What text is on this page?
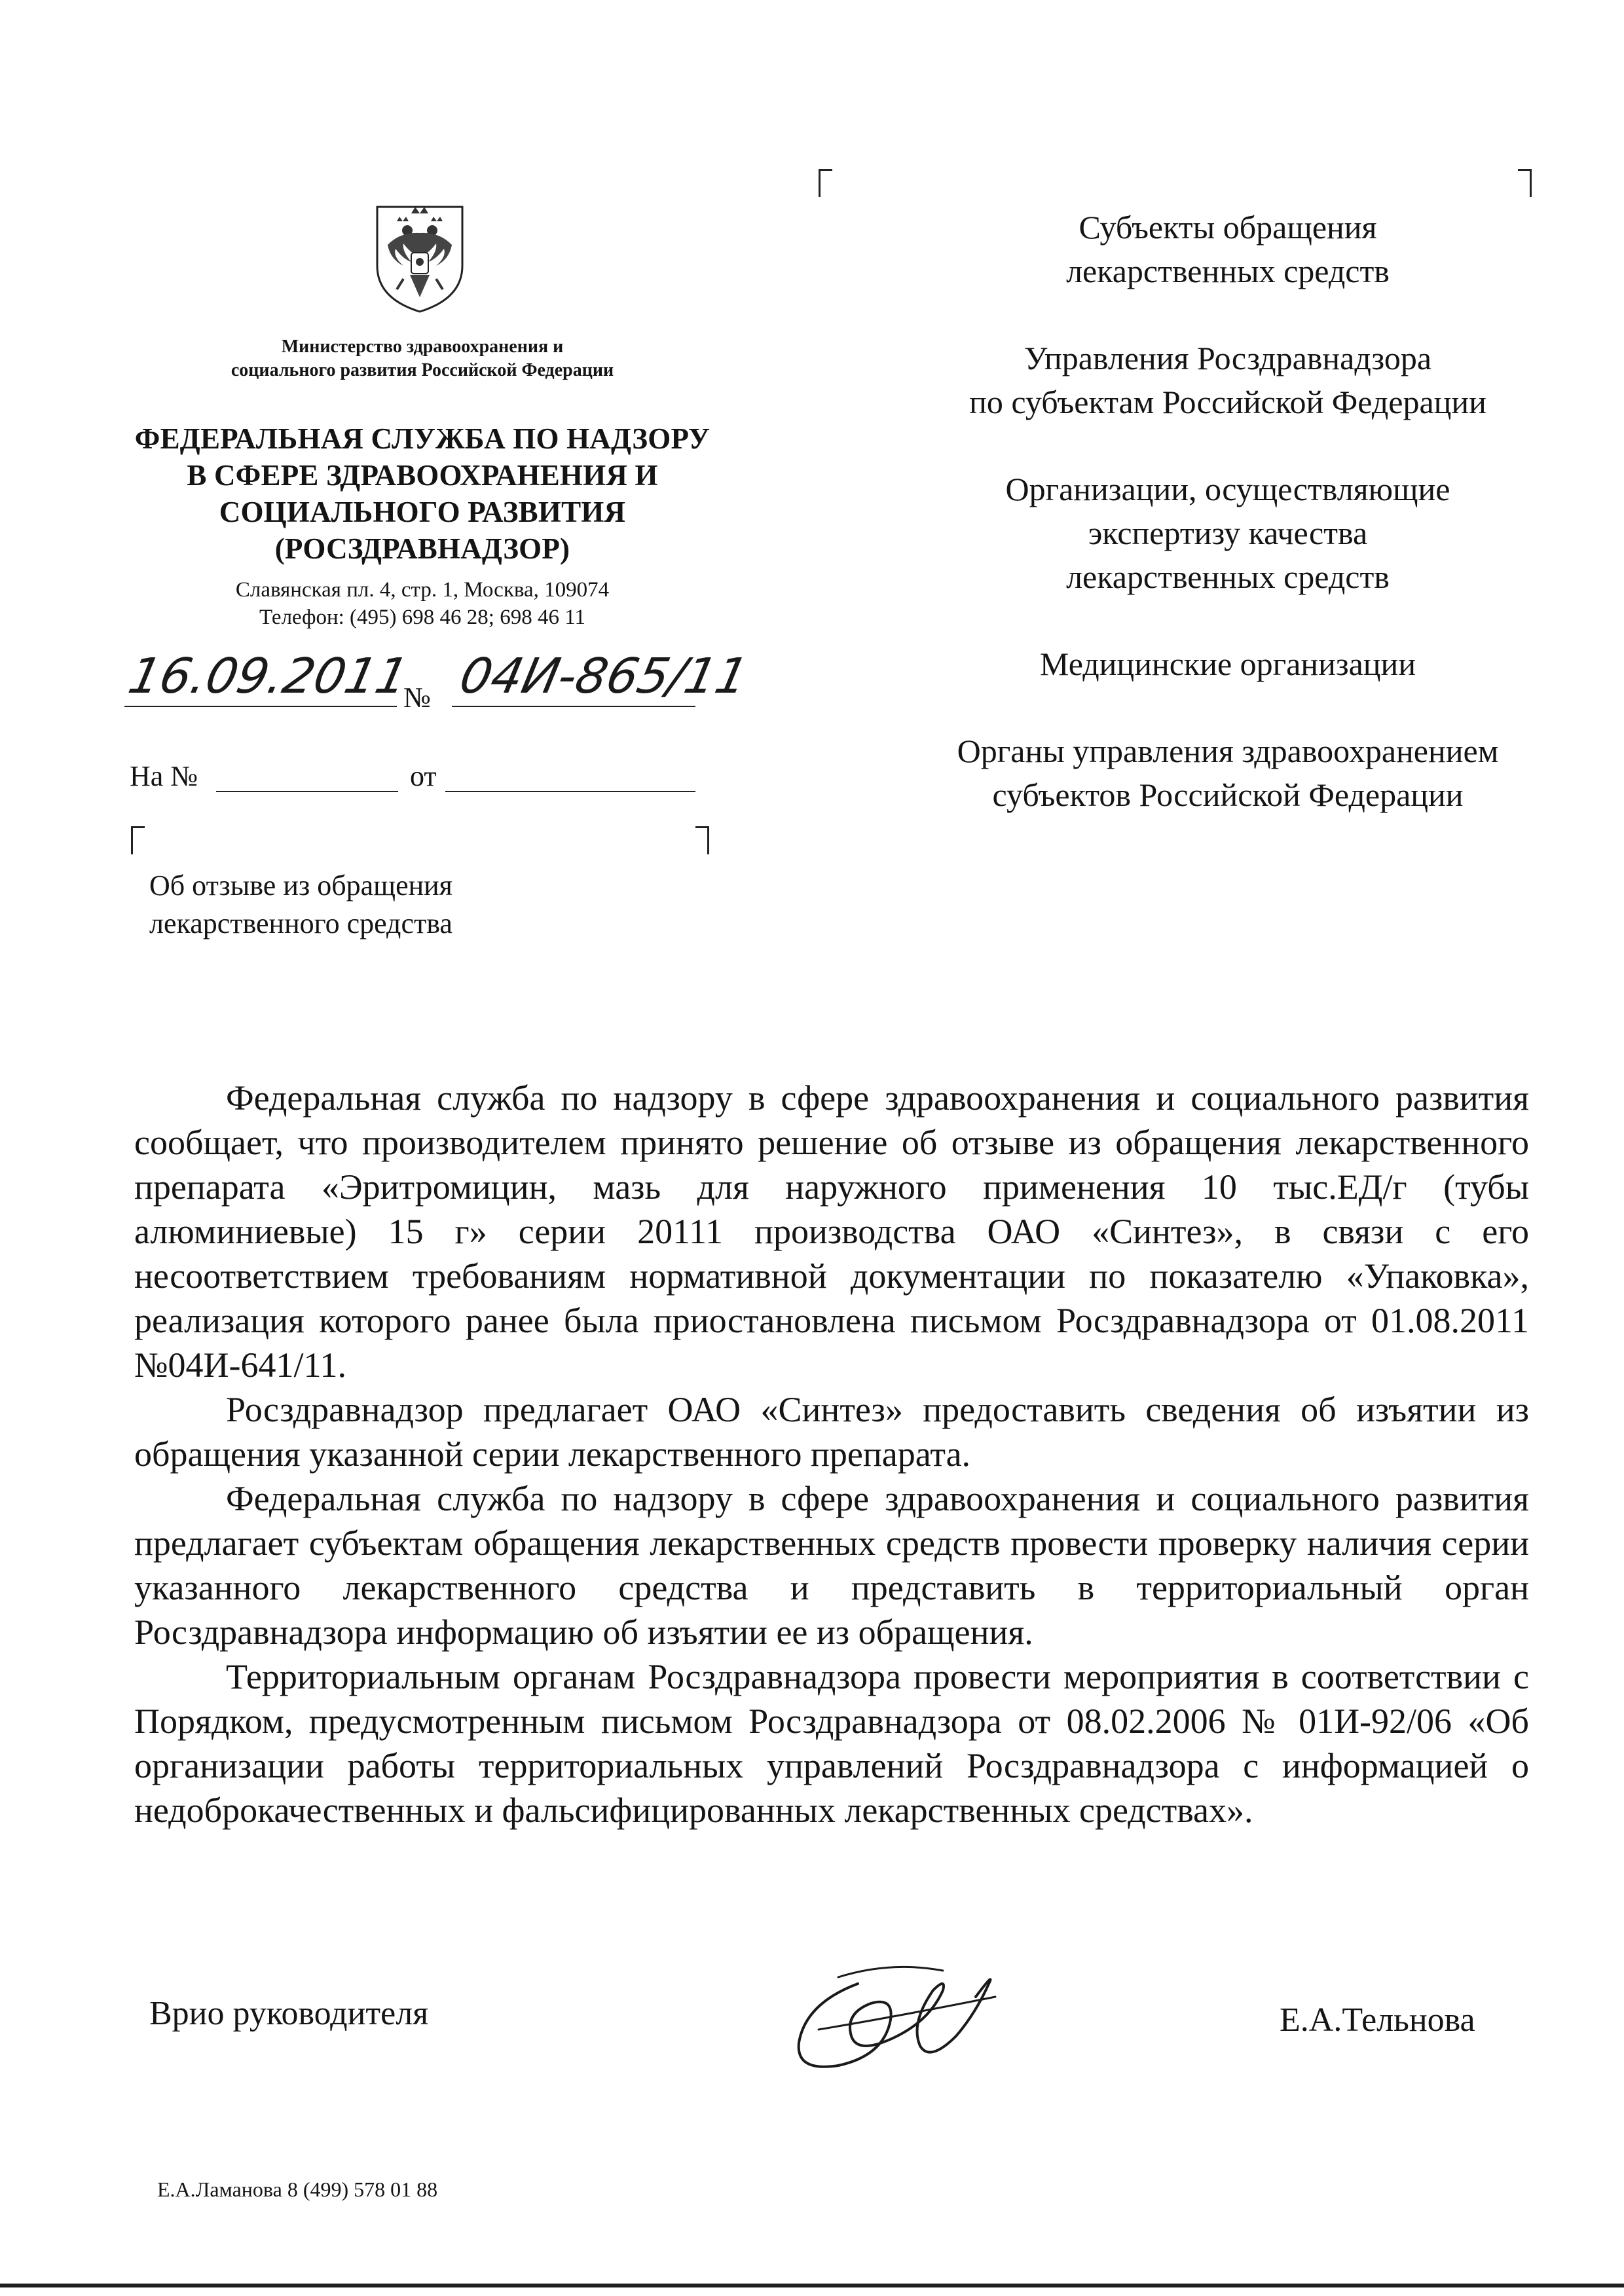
Министерство здравоохранения и
социального развития Российской Федерации
ФЕДЕРАЛЬНАЯ СЛУЖБА ПО НАДЗОРУ
В СФЕРЕ ЗДРАВООХРАНЕНИЯ И
СОЦИАЛЬНОГО РАЗВИТИЯ
(РОСЗДРАВНАДЗОР)
Славянская пл. 4, стр. 1, Москва, 109074
Телефон: (495) 698 46 28; 698 46 11
16.09.2011
№ 04И-865/11
На №	от
Об отзыве из обращения
лекарственного средства
Субъекты обращения
лекарственных средств
Управления Росздравнадзора
по субъектам Российской Федерации
Организации, осуществляющие
экспертизу качества
лекарственных средств
Медицинские организации
Органы управления здравоохранением
субъектов Российской Федерации

Федеральная служба по надзору в сфере здравоохранения и социального развития сообщает, что производителем принято решение об отзыве из обращения лекарственного препарата «Эритромицин, мазь для наружного применения 10 тыс.ЕД/г (тубы алюминиевые) 15 г» серии 20111 производства ОАО «Синтез», в связи с его несоответствием требованиям нормативной документации по показателю «Упаковка», реализация которого ранее была приостановлена письмом Росздравнадзора от 01.08.2011 №04И-641/11.

Росздравнадзор предлагает ОАО «Синтез» предоставить сведения об изъятии из обращения указанной серии лекарственного препарата.

Федеральная служба по надзору в сфере здравоохранения и социального развития предлагает субъектам обращения лекарственных средств провести проверку наличия серии указанного лекарственного средства и представить в территориальный орган Росздравнадзора информацию об изъятии ее из обращения.

Территориальным органам Росздравнадзора провести мероприятия в соответствии с Порядком, предусмотренным письмом Росздравнадзора от 08.02.2006 № 01И-92/06 «Об организации работы территориальных управлений Росздравнадзора с информацией о недоброкачественных и фальсифицированных лекарственных средствах».

Врио руководителя	Е.А.Тельнова
Е.А.Ламанова 8 (499) 578 01 88
